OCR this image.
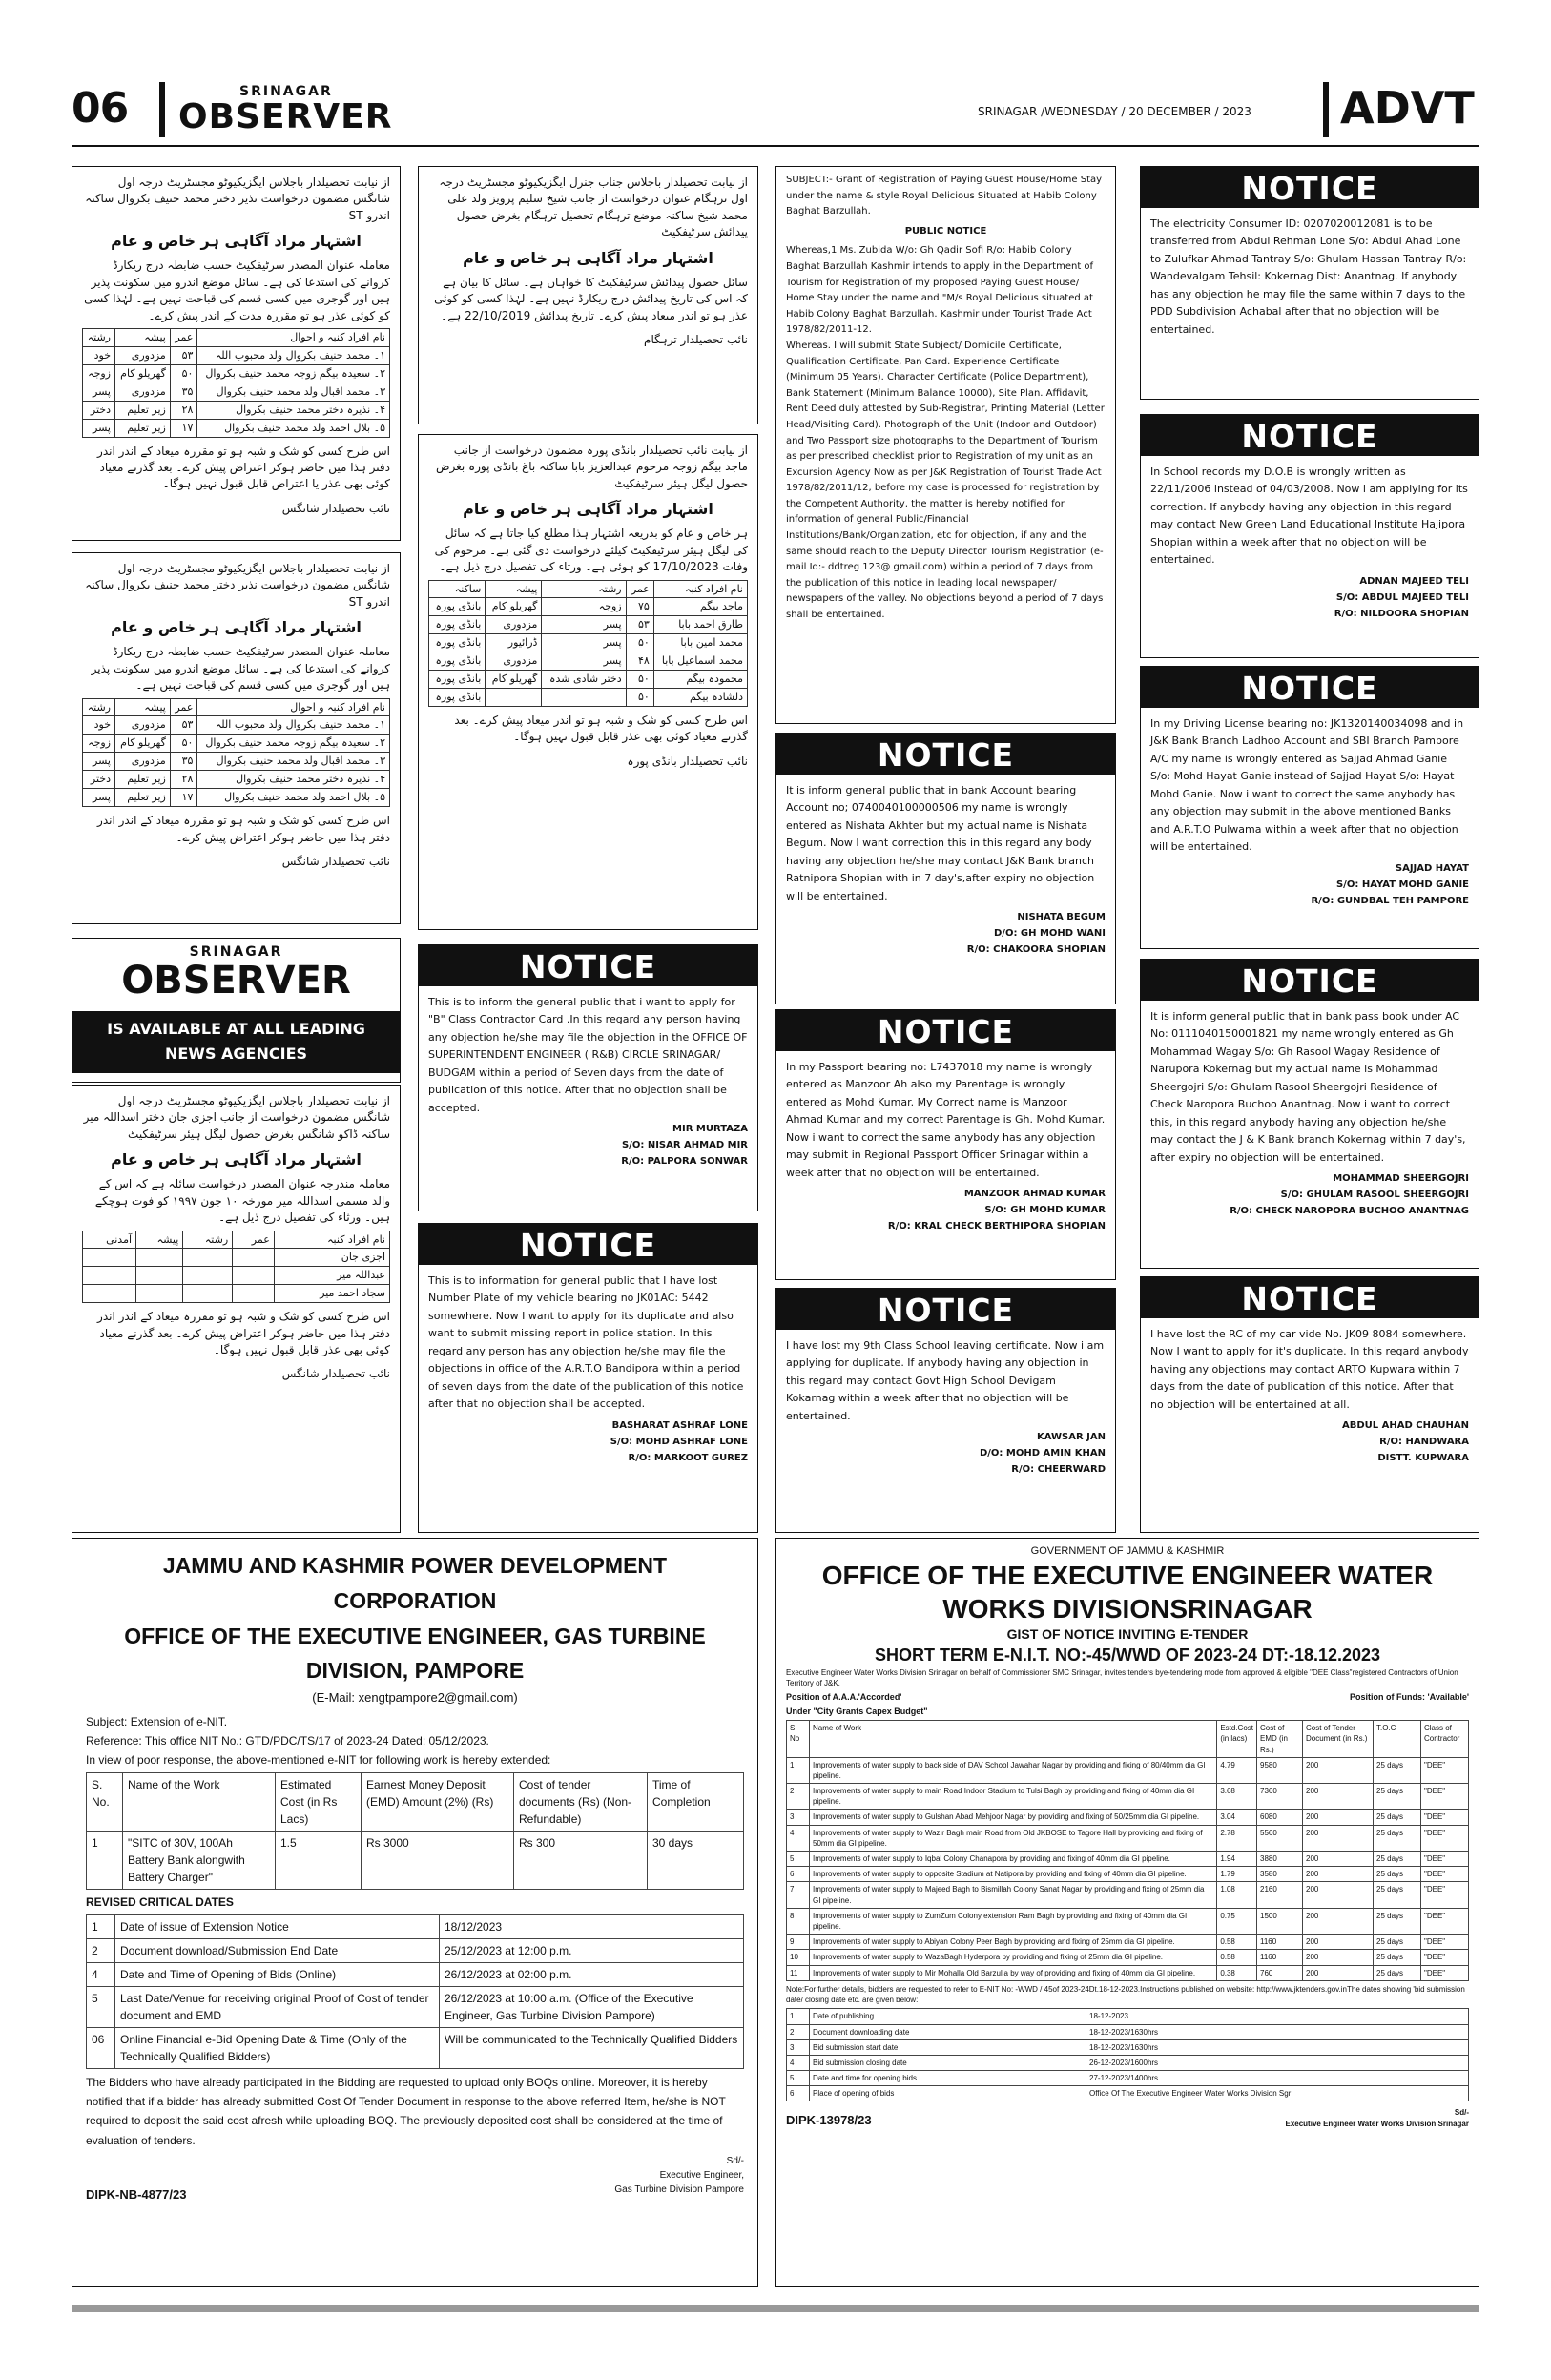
06	SRINAGAR
OBSERVER	SRINAGAR /WEDNESDAY / 20 DECEMBER / 2023 ADVT

از نیابت تحصیلدار باجلاس ایگزیکیوٹو مجسٹریٹ درجہ اول شانگس مضمون درخواست نذیر دختر محمد حنیف بکروال ساکنہ اندرو ST

اشتہار مراد آگاہی ہر خاص و عام

معاملہ عنوان المصدر سرٹیفکیٹ حسب ضابطہ درج ریکارڈ کروانے کی استدعا کی ہے۔ سائل موضع اندرو میں سکونت پذیر ہیں اور گوجری میں کسی قسم کی قباحت نہیں ہے۔ لہٰذا کسی کو کوئی عذر ہو تو مقررہ مدت کے اندر پیش کرے۔

نام افراد کنبہ و احوال	عمر	پیشہ	رشتہ
۱۔ محمد حنیف بکروال ولد محبوب اللہ	۵۳	مزدوری	خود
۲۔ سعیدہ بیگم زوجہ محمد حنیف بکروال	۵۰	گھریلو کام	زوجہ
۳۔ محمد اقبال ولد محمد حنیف بکروال	۳۵	مزدوری	پسر
۴۔ نذیرہ دختر محمد حنیف بکروال	۲۸	زیر تعلیم	دختر
۵۔ بلال احمد ولد محمد حنیف بکروال	۱۷	زیر تعلیم	پسر

اس طرح کسی کو شک و شبہ ہو تو مقررہ میعاد کے اندر اندر دفتر ہذا میں حاضر ہوکر اعتراض پیش کرے۔ بعد گذرنے معیاد کوئی بھی عذر یا اعتراض قابل قبول نہیں ہوگا۔

نائب تحصیلدار شانگس

از نیابت تحصیلدار باجلاس ایگزیکیوٹو مجسٹریٹ درجہ اول شانگس مضمون درخواست نذیر دختر محمد حنیف بکروال ساکنہ اندرو ST

اشتہار مراد آگاہی ہر خاص و عام

معاملہ عنوان المصدر سرٹیفکیٹ حسب ضابطہ درج ریکارڈ کروانے کی استدعا کی ہے۔ سائل موضع اندرو میں سکونت پذیر ہیں اور گوجری میں کسی قسم کی قباحت نہیں ہے۔

نام افراد کنبہ و احوال	عمر	پیشہ	رشتہ
۱۔ محمد حنیف بکروال ولد محبوب اللہ	۵۳	مزدوری	خود
۲۔ سعیدہ بیگم زوجہ محمد حنیف بکروال	۵۰	گھریلو کام	زوجہ
۳۔ محمد اقبال ولد محمد حنیف بکروال	۳۵	مزدوری	پسر
۴۔ نذیرہ دختر محمد حنیف بکروال	۲۸	زیر تعلیم	دختر
۵۔ بلال احمد ولد محمد حنیف بکروال	۱۷	زیر تعلیم	پسر

اس طرح کسی کو شک و شبہ ہو تو مقررہ میعاد کے اندر اندر دفتر ہذا میں حاضر ہوکر اعتراض پیش کرے۔

نائب تحصیلدار شانگس

SRINAGAR
OBSERVER
IS AVAILABLE AT ALL LEADING NEWS AGENCIES

از نیابت تحصیلدار باجلاس ایگزیکیوٹو مجسٹریٹ درجہ اول شانگس مضمون درخواست از جانب اجزی جان دختر اسداللہ میر ساکنہ ڈاکو شانگس بغرض حصول لیگل ہیئر سرٹیفکیٹ

اشتہار مراد آگاہی ہر خاص و عام

معاملہ مندرجہ عنوان المصدر درخواست سائلہ ہے کہ اس کے والد مسمی اسداللہ میر مورخہ ۱۰ جون ۱۹۹۷ کو فوت ہوچکے ہیں۔ ورثاء کی تفصیل درج ذیل ہے۔

نام افراد کنبہ	عمر	رشتہ	پیشہ	آمدنی
اجزی جان				
عبداللہ میر				
سجاد احمد میر				

اس طرح کسی کو شک و شبہ ہو تو مقررہ میعاد کے اندر اندر دفتر ہذا میں حاضر ہوکر اعتراض پیش کرے۔ بعد گذرنے معیاد کوئی بھی عذر قابل قبول نہیں ہوگا۔

نائب تحصیلدار شانگس

از نیابت تحصیلدار باجلاس جناب جنرل ایگزیکیوٹو مجسٹریٹ درجہ اول ترہگام عنوان درخواست از جانب شیخ سلیم پرویز ولد علی محمد شیخ ساکنہ موضع ترہگام تحصیل ترہگام بغرض حصول پیدائش سرٹیفکیٹ

اشتہار مراد آگاہی ہر خاص و عام

سائل حصول پیدائش سرٹیفکیٹ کا خواہاں ہے۔ سائل کا بیان ہے کہ اس کی تاریخ پیدائش درج ریکارڈ نہیں ہے۔ لہٰذا کسی کو کوئی عذر ہو تو اندر میعاد پیش کرے۔ تاریخ پیدائش 22/10/2019 ہے۔

نائب تحصیلدار ترہگام

از نیابت نائب تحصیلدار بانڈی پورہ مضمون درخواست از جانب ماجد بیگم زوجہ مرحوم عبدالعزیز بابا ساکنہ باغ بانڈی پورہ بغرض حصول لیگل ہیئر سرٹیفکیٹ

اشتہار مراد آگاہی ہر خاص و عام

ہر خاص و عام کو بذریعہ اشتہار ہذا مطلع کیا جاتا ہے کہ سائل کی لیگل ہیئر سرٹیفکیٹ کیلئے درخواست دی گئی ہے۔ مرحوم کی وفات 17/10/2023 کو ہوئی ہے۔ ورثاء کی تفصیل درج ذیل ہے۔

نام افراد کنبہ	عمر	رشتہ	پیشہ	ساکنہ
ماجد بیگم	۷۵	زوجہ	گھریلو کام	بانڈی پورہ
طارق احمد بابا	۵۳	پسر	مزدوری	بانڈی پورہ
محمد امین بابا	۵۰	پسر	ڈرائیور	بانڈی پورہ
محمد اسماعیل بابا	۴۸	پسر	مزدوری	بانڈی پورہ
محمودہ بیگم	۵۰	دختر شادی شدہ	گھریلو کام	بانڈی پورہ
دلشادہ بیگم	۵۰			بانڈی پورہ

اس طرح کسی کو شک و شبہ ہو تو اندر میعاد پیش کرے۔ بعد گذرنے معیاد کوئی بھی عذر قابل قبول نہیں ہوگا۔

نائب تحصیلدار بانڈی پورہ

NOTICE
This is to inform the general public that i want to apply for "B" Class Contractor Card .In this regard any person having any objection he/she may file the objection in the OFFICE OF SUPERINTENDENT ENGINEER ( R&B) CIRCLE SRINAGAR/ BUDGAM within a period of Seven days from the date of publication of this notice. After that no objection shall be accepted.
MIR MURTAZA
S/O: NISAR AHMAD MIR
R/O: PALPORA SONWAR
NOTICE
This is to information for general public that I have lost Number Plate of my vehicle bearing no JK01AC: 5442 somewhere. Now I want to apply for its duplicate and also want to submit missing report in police station. In this regard any person has any objection he/she may file the objections in office of the A.R.T.O Bandipora within a period of seven days from the date of the publication of this notice after that no objection shall be accepted.
BASHARAT ASHRAF LONE
S/O: MOHD ASHRAF LONE
R/O: MARKOOT GUREZ

SUBJECT:- Grant of Registration of Paying Guest House/Home Stay under the name & style Royal Delicious Situated at Habib Colony Baghat Barzullah.

PUBLIC NOTICE

Whereas,1 Ms. Zubida W/o: Gh Qadir Sofi R/o: Habib Colony Baghat Barzullah Kashmir intends to apply in the Department of Tourism for Registration of my proposed Paying Guest House/ Home Stay under the name and "M/s Royal Delicious situated at Habib Colony Baghat Barzullah. Kashmir under Tourist Trade Act 1978/82/2011-12.

Whereas. I will submit State Subject/ Domicile Certificate, Qualification Certificate, Pan Card. Experience Certificate (Minimum 05 Years). Character Certificate (Police Department), Bank Statement (Minimum Balance 10000), Site Plan. Affidavit, Rent Deed duly attested by Sub-Registrar, Printing Material (Letter Head/Visiting Card). Photograph of the Unit (Indoor and Outdoor) and Two Passport size photographs to the Department of Tourism as per prescribed checklist prior to Registration of my unit as an Excursion Agency Now as per J&K Registration of Tourist Trade Act 1978/82/2011/12, before my case is processed for registration by the Competent Authority, the matter is hereby notified for information of general Public/Financial Institutions/Bank/Organization, etc for objection, if any and the same should reach to the Deputy Director Tourism Registration (e-mail Id:- ddtreg 123@ gmail.com) within a period of 7 days from the publication of this notice in leading local newspaper/ newspapers of the valley. No objections beyond a period of 7 days shall be entertained.

NOTICE
It is inform general public that in bank Account bearing Account no; 0740040100000506 my name is wrongly entered as Nishata Akhter but my actual name is Nishata Begum. Now I want correction this in this regard any body having any objection he/she may contact J&K Bank branch Ratnipora Shopian with in 7 day's,after expiry no objection will be entertained.
NISHATA BEGUM
D/O: GH MOHD WANI
R/O: CHAKOORA SHOPIAN
NOTICE
In my Passport bearing no: L7437018 my name is wrongly entered as Manzoor Ah also my Parentage is wrongly entered as Mohd Kumar. My Correct name is Manzoor Ahmad Kumar and my correct Parentage is Gh. Mohd Kumar. Now i want to correct the same anybody has any objection may submit in Regional Passport Officer Srinagar within a week after that no objection will be entertained.
MANZOOR AHMAD KUMAR
S/O: GH MOHD KUMAR
R/O: KRAL CHECK BERTHIPORA SHOPIAN
NOTICE
I have lost my 9th Class School leaving certificate. Now i am applying for duplicate. If anybody having any objection in this regard may contact Govt High School Devigam Kokarnag within a week after that no objection will be entertained.
KAWSAR JAN
D/O: MOHD AMIN KHAN
R/O: CHEERWARD
NOTICE
The electricity Consumer ID: 0207020012081 is to be transferred from Abdul Rehman Lone S/o: Abdul Ahad Lone to Zulufkar Ahmad Tantray S/o: Ghulam Hassan Tantray R/o: Wandevalgam Tehsil: Kokernag Dist: Anantnag. If anybody has any objection he may file the same within 7 days to the PDD Subdivision Achabal after that no objection will be entertained.
NOTICE
In School records my D.O.B is wrongly written as 22/11/2006 instead of 04/03/2008. Now i am applying for its correction. If anybody having any objection in this regard may contact New Green Land Educational Institute Hajipora Shopian within a week after that no objection will be entertained.
ADNAN MAJEED TELI
S/O: ABDUL MAJEED TELI
R/O: NILDOORA SHOPIAN
NOTICE
In my Driving License bearing no: JK1320140034098 and in J&K Bank Branch Ladhoo Account and SBI Branch Pampore A/C my name is wrongly entered as Sajjad Ahmad Ganie S/o: Mohd Hayat Ganie instead of Sajjad Hayat S/o: Hayat Mohd Ganie. Now i want to correct the same anybody has any objection may submit in the above mentioned Banks and A.R.T.O Pulwama within a week after that no objection will be entertained.
SAJJAD HAYAT
S/O: HAYAT MOHD GANIE
R/O: GUNDBAL TEH PAMPORE
NOTICE
It is inform general public that in bank pass book under AC No: 0111040150001821 my name wrongly entered as Gh Mohammad Wagay S/o: Gh Rasool Wagay Residence of Narupora Kokernag but my actual name is Mohammad Sheergojri S/o: Ghulam Rasool Sheergojri Residence of Check Naropora Buchoo Anantnag. Now i want to correct this, in this regard anybody having any objection he/she may contact the J & K Bank branch Kokernag within 7 day's, after expiry no objection will be entertained.
MOHAMMAD SHEERGOJRI
S/O: GHULAM RASOOL SHEERGOJRI
R/O: CHECK NAROPORA BUCHOO ANANTNAG
NOTICE
I have lost the RC of my car vide No. JK09 8084 somewhere. Now I want to apply for it's duplicate. In this regard anybody having any objections may contact ARTO Kupwara within 7 days from the date of publication of this notice. After that no objection will be entertained at all.
ABDUL AHAD CHAUHAN
R/O: HANDWARA
DISTT. KUPWARA
JAMMU AND KASHMIR POWER DEVELOPMENT
CORPORATION
OFFICE OF THE EXECUTIVE ENGINEER, GAS TURBINE
DIVISION, PAMPORE
(E-Mail: xengtpampore2@gmail.com)

Subject: Extension of e-NIT.

Reference: This office NIT No.: GTD/PDC/TS/17 of 2023-24 Dated: 05/12/2023.

In view of poor response, the above-mentioned e-NIT for following work is hereby extended:

S. No.	Name of the Work	Estimated Cost (in Rs Lacs)	Earnest Money Deposit (EMD) Amount (2%) (Rs)	Cost of tender documents (Rs) (Non-Refundable)	Time of Completion
1	"SITC of 30V, 100Ah Battery Bank alongwith Battery Charger"	1.5	Rs 3000	Rs 300	30 days

REVISED CRITICAL DATES

1	Date of issue of Extension Notice	18/12/2023
2	Document download/Submission End Date	25/12/2023 at 12:00 p.m.
4	Date and Time of Opening of Bids (Online)	26/12/2023 at 02:00 p.m.
5	Last Date/Venue for receiving original Proof of Cost of tender document and EMD	26/12/2023 at 10:00 a.m. (Office of the Executive Engineer, Gas Turbine Division Pampore)
06	Online Financial e-Bid Opening Date & Time (Only of the Technically Qualified Bidders)	Will be communicated to the Technically Qualified Bidders

The Bidders who have already participated in the Bidding are requested to upload only BOQs online. Moreover, it is hereby notified that if a bidder has already submitted Cost Of Tender Document in response to the above referred Item, he/she is NOT required to deposit the said cost afresh while uploading BOQ. The previously deposited cost shall be considered at the time of evaluation of tenders.

Sd/-
Executive Engineer,
Gas Turbine Division Pampore
DIPK-NB-4877/23
GOVERNMENT OF JAMMU & KASHMIR
OFFICE OF THE EXECUTIVE ENGINEER WATER
WORKS DIVISIONSRINAGAR
GIST OF NOTICE INVITING E-TENDER
SHORT TERM E-N.I.T. NO:-45/WWD OF 2023-24 DT:-18.12.2023

Executive Engineer Water Works Division Srinagar on behalf of Commissioner SMC Srinagar, invites tenders bye-tendering mode from approved & eligible "DEE Class"registered Contractors of Union Territory of J&K.

Position of A.A.A.'Accorded'	Position of Funds: 'Available'
Under "City Grants Capex Budget"
S. No	Name of Work	Estd.Cost (in lacs)	Cost of EMD (in Rs.)	Cost of Tender Document (in Rs.)	T.O.C	Class of Contractor
1	Improvements of water supply to back side of DAV School Jawahar Nagar by providing and fixing of 80/40mm dia GI pipeline.	4.79	9580	200	25 days	"DEE"
2	Improvements of water supply to main Road Indoor Stadium to Tulsi Bagh by providing and fixing of 40mm dia GI pipeline.	3.68	7360	200	25 days	"DEE"
3	Improvements of water supply to Gulshan Abad Mehjoor Nagar by providing and fixing of 50/25mm dia GI pipeline.	3.04	6080	200	25 days	"DEE"
4	Improvements of water supply to Wazir Bagh main Road from Old JKBOSE to Tagore Hall by providing and fixing of 50mm dia GI pipeline.	2.78	5560	200	25 days	"DEE"
5	Improvements of water supply to Iqbal Colony Chanapora by providing and fixing of 40mm dia GI pipeline.	1.94	3880	200	25 days	"DEE"
6	Improvements of water supply to opposite Stadium at Natipora by providing and fixing of 40mm dia GI pipeline.	1.79	3580	200	25 days	"DEE"
7	Improvements of water supply to Majeed Bagh to Bismillah Colony Sanat Nagar by providing and fixing of 25mm dia GI pipeline.	1.08	2160	200	25 days	"DEE"
8	Improvements of water supply to ZumZum Colony extension Ram Bagh by providing and fixing of 40mm dia GI pipeline.	0.75	1500	200	25 days	"DEE"
9	Improvements of water supply to Abiyan Colony Peer Bagh by providing and fixing of 25mm dia GI pipeline.	0.58	1160	200	25 days	"DEE"
10	Improvements of water supply to WazaBagh Hyderpora by providing and fixing of 25mm dia GI pipeline.	0.58	1160	200	25 days	"DEE"
11	Improvements of water supply to Mir Mohalla Old Barzulla by way of providing and fixing of 40mm dia GI pipeline.	0.38	760	200	25 days	"DEE"

Note:For further details, bidders are requested to refer to E-NIT No: -WWD / 45of 2023-24Dt.18-12-2023.Instructions published on website: http://www.jktenders.gov.inThe dates showing 'bid submission date/ closing date etc. are given below:

1	Date of publishing	18-12-2023
2	Document downloading date	18-12-2023/1630hrs
3	Bid submission start date	18-12-2023/1630hrs
4	Bid submission closing date	26-12-2023/1600hrs
5	Date and time for opening bids	27-12-2023/1400hrs
6	Place of opening of bids	Office Of The Executive Engineer Water Works Division Sgr
DIPK-13978/23	Sd/-
Executive Engineer Water Works Division Srinagar
